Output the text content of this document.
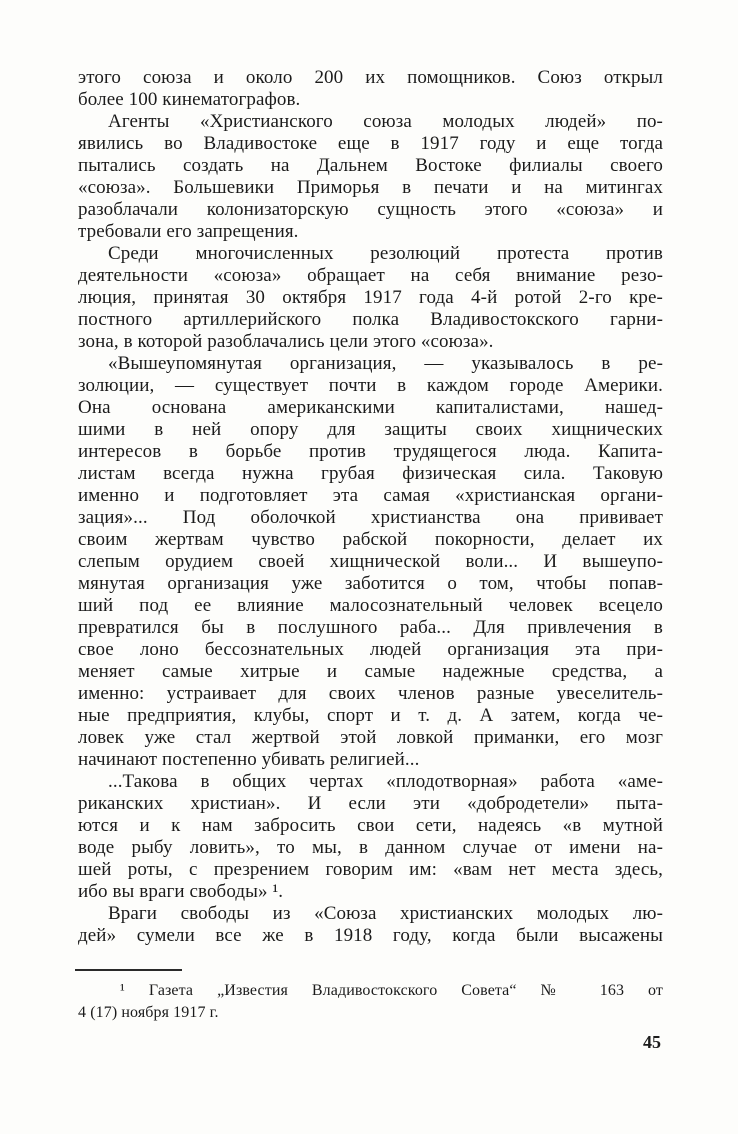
этого союза и около 200 их помощников. Союз открыл
более 100 кинематографов.
Агенты «Христианского союза молодых людей» по-
явились во Владивостоке еще в 1917 году и еще тогда
пытались создать на Дальнем Востоке филиалы своего
«союза». Большевики Приморья в печати и на митингах
разоблачали колонизаторскую сущность этого «союза» и
требовали его запрещения.
Среди многочисленных резолюций протеста против
деятельности «союза» обращает на себя внимание резо-
люция, принятая 30 октября 1917 года 4-й ротой 2-го кре-
постного артиллерийского полка Владивостокского гарни-
зона, в которой разоблачались цели этого «союза».
«Вышеупомянутая организация, — указывалось в ре-
золюции, — существует почти в каждом городе Америки.
Она основана американскими капиталистами, нашед-
шими в ней опору для защиты своих хищнических
интересов в борьбе против трудящегося люда. Капита-
листам всегда нужна грубая физическая сила. Таковую
именно и подготовляет эта самая «христианская органи-
зация»... Под оболочкой христианства она прививает
своим жертвам чувство рабской покорности, делает их
слепым орудием своей хищнической воли... И вышеупо-
мянутая организация уже заботится о том, чтобы попав-
ший под ее влияние малосознательный человек всецело
превратился бы в послушного раба... Для привлечения в
свое лоно бессознательных людей организация эта при-
меняет самые хитрые и самые надежные средства, а
именно: устраивает для своих членов разные увеселитель-
ные предприятия, клубы, спорт и т. д. А затем, когда че-
ловек уже стал жертвой этой ловкой приманки, его мозг
начинают постепенно убивать религией...
...Такова в общих чертах «плодотворная» работа «аме-
риканских христиан». И если эти «добродетели» пыта-
ются и к нам забросить свои сети, надеясь «в мутной
воде рыбу ловить», то мы, в данном случае от имени на-
шей роты, с презрением говорим им: «вам нет места здесь,
ибо вы враги свободы» ¹.
Враги свободы из «Союза христианских молодых лю-
дей» сумели все же в 1918 году, когда были высажены
¹ Газета „Известия Владивостокского Совета“ № 163 от
4 (17) ноября 1917 г.
45
